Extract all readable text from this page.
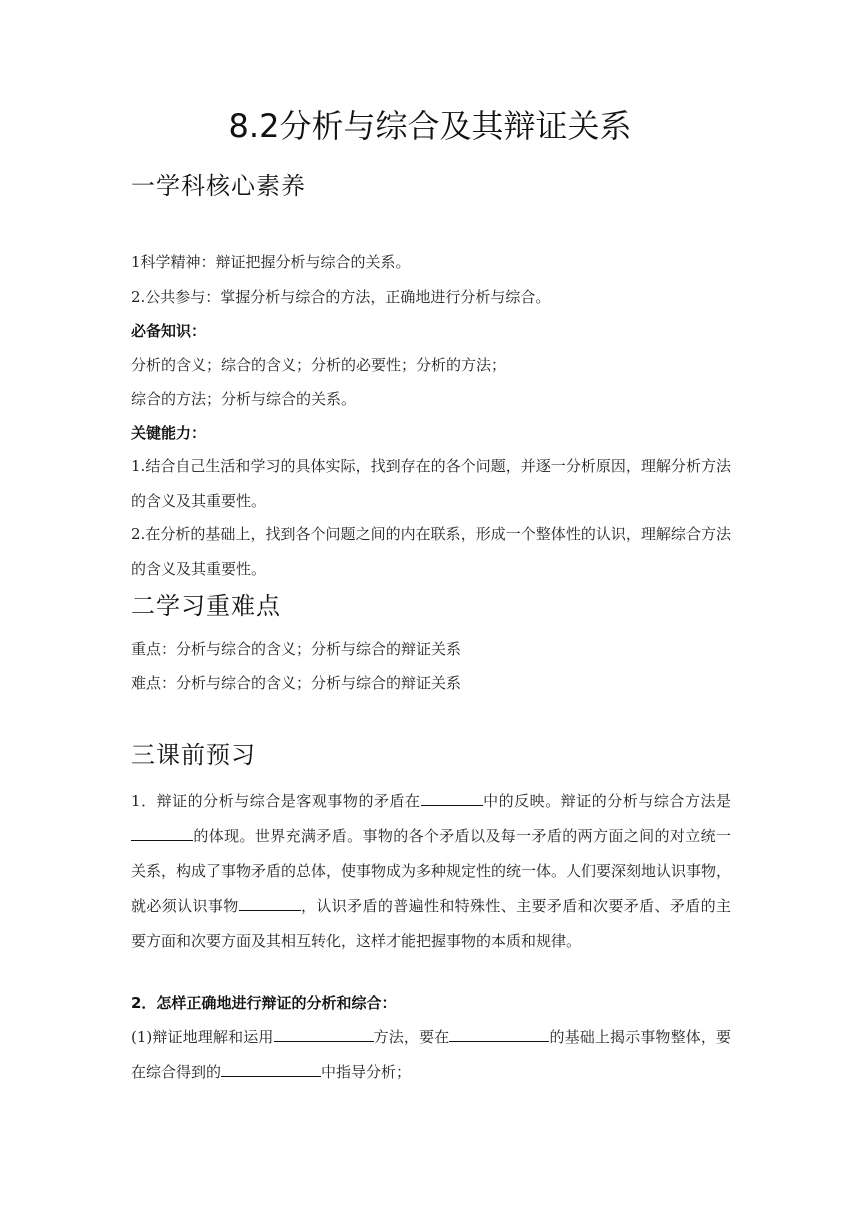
8.2分析与综合及其辩证关系
一学科核心素养
1科学精神：辩证把握分析与综合的关系。
2.公共参与：掌握分析与综合的方法，正确地进行分析与综合。
必备知识：
分析的含义；综合的含义；分析的必要性；分析的方法；
综合的方法；分析与综合的关系。
关键能力：
1.结合自己生活和学习的具体实际，找到存在的各个问题，并逐一分析原因，理解分析方法的含义及其重要性。
2.在分析的基础上，找到各个问题之间的内在联系，形成一个整体性的认识，理解综合方法的含义及其重要性。
二学习重难点
重点：分析与综合的含义；分析与综合的辩证关系
难点：分析与综合的含义；分析与综合的辩证关系
三课前预习
1．辩证的分析与综合是客观事物的矛盾在	中的反映。辩证的分析与综合方法是的体现。世界充满矛盾。事物的各个矛盾以及每一矛盾的两方面之间的对立统一关系，构成了事物矛盾的总体，使事物成为多种规定性的统一体。人们要深刻地认识事物，就必须认识事物	，认识矛盾的普遍性和特殊性、主要矛盾和次要矛盾、矛盾的主要方面和次要方面及其相互转化，这样才能把握事物的本质和规律。
2．怎样正确地进行辩证的分析和综合：
(1)辩证地理解和运用	方法，要在	的基础上揭示事物整体，要在综合得到的	中指导分析；
